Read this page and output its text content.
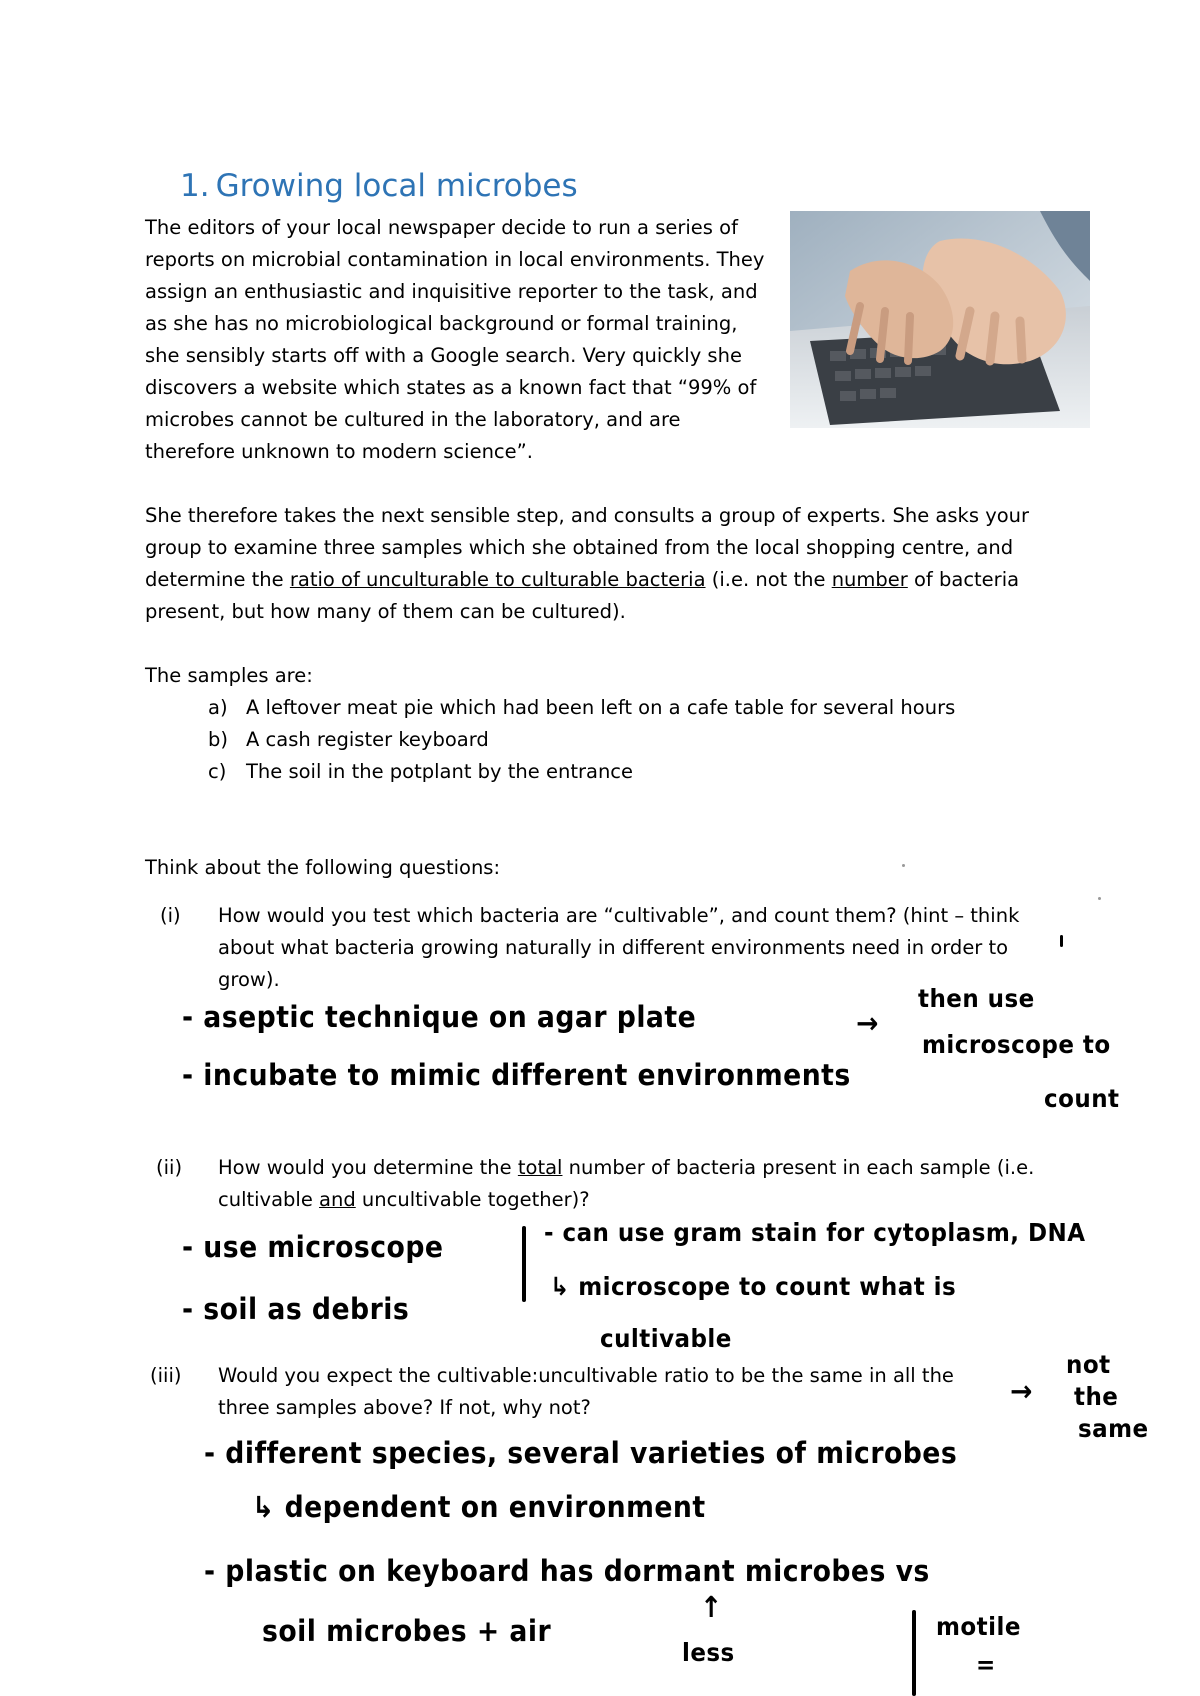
1. Growing local microbes

The editors of your local newspaper decide to run a series of reports on microbial contamination in local environments. They assign an enthusiastic and inquisitive reporter to the task, and as she has no microbiological background or formal training, she sensibly starts off with a Google search. Very quickly she discovers a website which states as a known fact that “99% of microbes cannot be cultured in the laboratory, and are therefore unknown to modern science”.

She therefore takes the next sensible step, and consults a group of experts. She asks your group to examine three samples which she obtained from the local shopping centre, and determine the ratio of unculturable to culturable bacteria (i.e. not the number of bacteria present, but how many of them can be cultured).

The samples are:
a) A leftover meat pie which had been left on a cafe table for several hours
b) A cash register keyboard
c) The soil in the potplant by the entrance
Think about the following questions:
(i) How would you test which bacteria are “cultivable”, and count them? (hint – think about what bacteria growing naturally in different environments need in order to grow).

- aseptic technique on agar plate
- incubate to mimic different environments
→
then use
microscope to
count
(ii) How would you determine the total number of bacteria present in each sample (i.e. cultivable and uncultivable together)?

- use microscope
- soil as debris
- can use gram stain for cytoplasm, DNA
↳ microscope to count what is
cultivable
(iii) Would you expect the cultivable:uncultivable ratio to be the same in all the three samples above? If not, why not?	→
not
the
same
- different species, several varieties of microbes
↳ dependent on environment
- plastic on keyboard has dormant microbes vs
soil microbes + air
↑
less
motile
=
